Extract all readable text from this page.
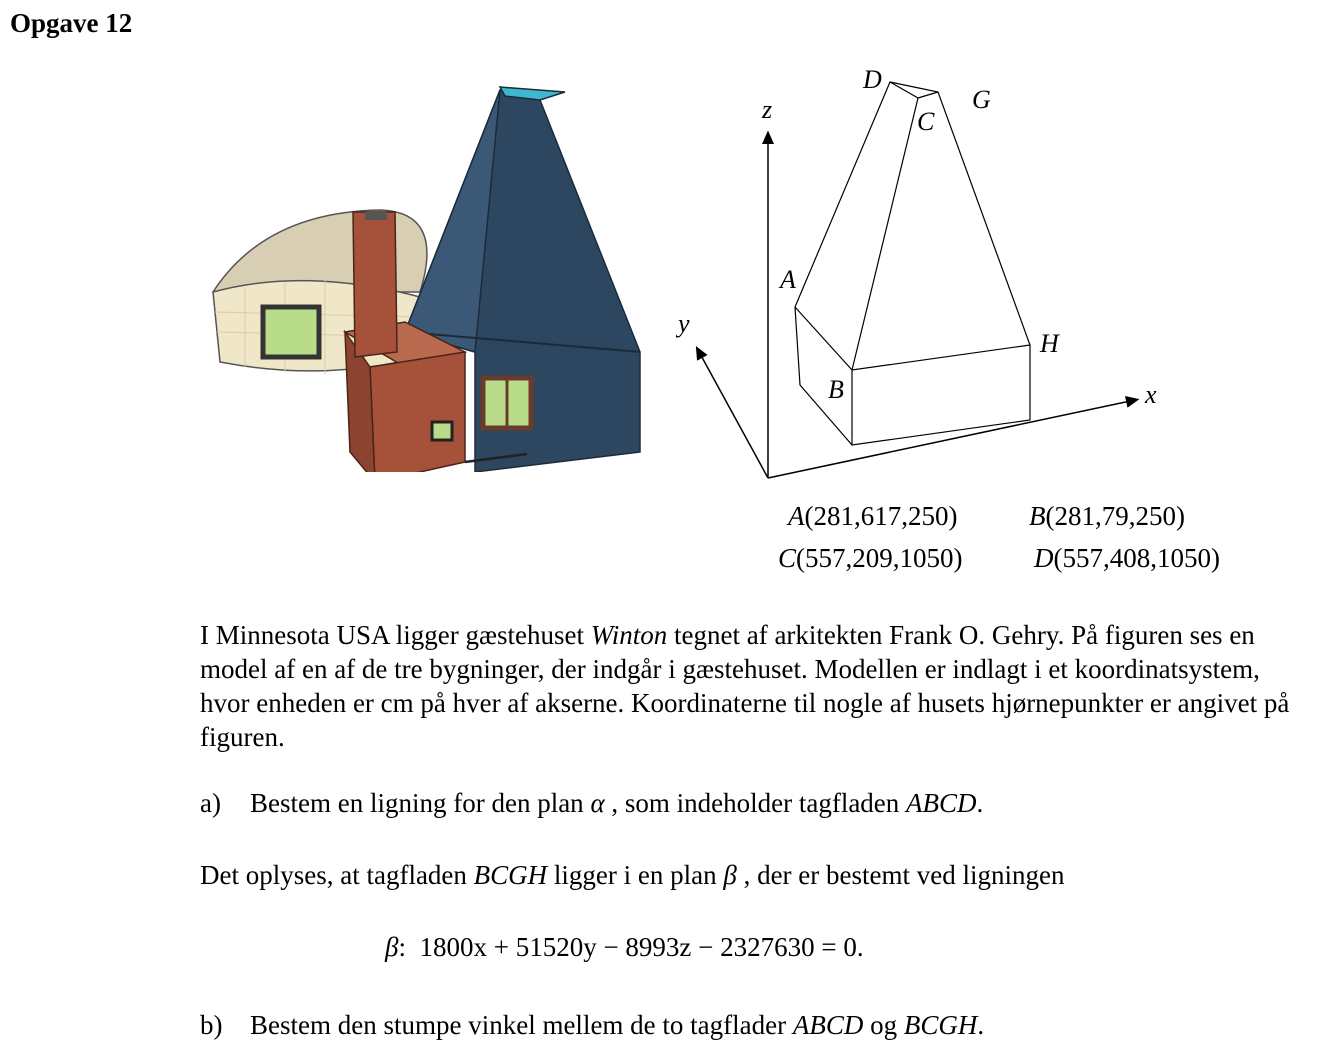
Opgave 12
z
y
x
D
G
C
A
H
B
A(281,617,250)	B(281,79,250)
C(557,209,1050)	D(557,408,1050)
I Minnesota USA ligger gæstehuset Winton tegnet af arkitekten Frank O. Gehry. På figuren ses en model af en af de tre bygninger, der indgår i gæstehuset. Modellen er indlagt i et koordinatsystem, hvor enheden er cm på hver af akserne. Koordinaterne til nogle af husets hjørnepunkter er angivet på figuren.
a) Bestem en ligning for den plan α , som indeholder tagfladen ABCD.
Det oplyses, at tagfladen BCGH ligger i en plan β , der er bestemt ved ligningen
β: 1800x + 51520y − 8993z − 2327630 = 0.
b) Bestem den stumpe vinkel mellem de to tagflader ABCD og BCGH.
